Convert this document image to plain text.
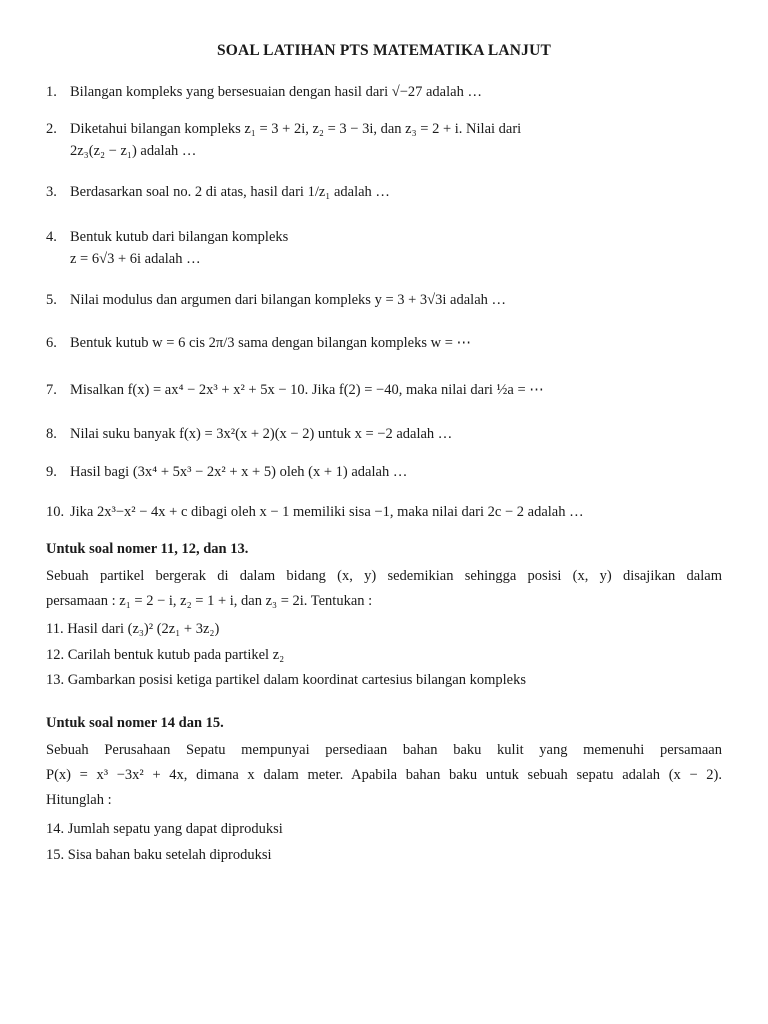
SOAL LATIHAN PTS MATEMATIKA LANJUT
1. Bilangan kompleks yang bersesuaian dengan hasil dari √−27 adalah …
2. Diketahui bilangan kompleks z₁ = 3 + 2i, z₂ = 3 − 3i, dan z₃ = 2 + i. Nilai dari
2z₃(z₂ − z₁) adalah …
3. Berdasarkan soal no. 2 di atas, hasil dari 1/z₁ adalah …
4. Bentuk kutub dari bilangan kompleks
z = 6√3 + 6i adalah …
5. Nilai modulus dan argumen dari bilangan kompleks y = 3 + 3√3i adalah …
6. Bentuk kutub w = 6 cis 2π/3 sama dengan bilangan kompleks w = ⋯
7. Misalkan f(x) = ax⁴ − 2x³ + x² + 5x − 10. Jika f(2) = −40, maka nilai dari ½a = ⋯
8. Nilai suku banyak f(x) = 3x²(x + 2)(x − 2) untuk x = −2 adalah …
9. Hasil bagi (3x⁴ + 5x³ − 2x² + x + 5) oleh (x + 1) adalah …
10. Jika 2x³−x² − 4x + c dibagi oleh x − 1 memiliki sisa −1, maka nilai dari 2c − 2 adalah …
Untuk soal nomer 11, 12, dan 13.
Sebuah partikel bergerak di dalam bidang (x, y) sedemikian sehingga posisi (x, y) disajikan dalam
persamaan : z₁ = 2 − i, z₂ = 1 + i, dan z₃ = 2i. Tentukan :
11. Hasil dari (z₃)² (2z₁ + 3z₂)
12. Carilah bentuk kutub pada partikel z₂
13. Gambarkan posisi ketiga partikel dalam koordinat cartesius bilangan kompleks
Untuk soal nomer 14 dan 15.
Sebuah Perusahaan Sepatu mempunyai persediaan bahan baku kulit yang memenuhi persamaan
P(x) = x³ −3x² + 4x, dimana x dalam meter. Apabila bahan baku untuk sebuah sepatu adalah (x − 2).
Hitunglah :
14. Jumlah sepatu yang dapat diproduksi
15. Sisa bahan baku setelah diproduksi
